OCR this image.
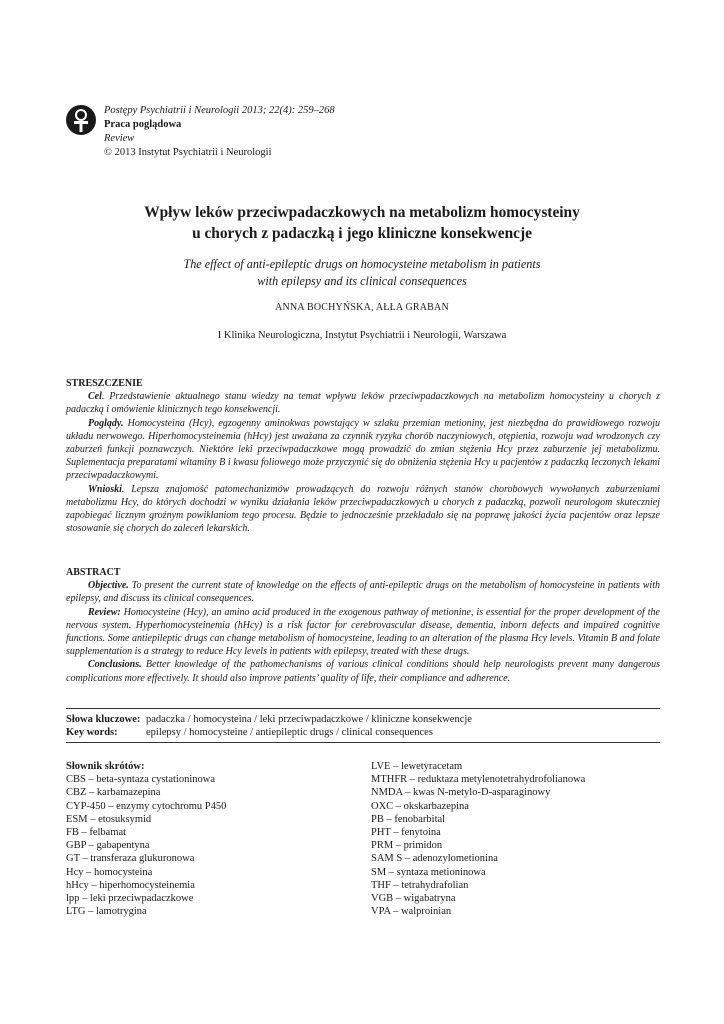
Postępy Psychiatrii i Neurologii 2013; 22(4): 259–268
Praca poglądowa
Review
© 2013 Instytut Psychiatrii i Neurologii
Wpływ leków przeciwpadaczkowych na metabolizm homocysteiny
u chorych z padaczką i jego kliniczne konsekwencje
The effect of anti-epileptic drugs on homocysteine metabolism in patients
with epilepsy and its clinical consequences
ANNA BOCHYŃSKA, AŁŁA GRABAN
I Klinika Neurologiczna, Instytut Psychiatrii i Neurologii, Warszawa
STRESZCZENIE

Cel. Przedstawienie aktualnego stanu wiedzy na temat wpływu leków przeciwpadaczkowych na metabolizm homocysteiny u chorych z padaczką i omówienie klinicznych tego konsekwencji.

Poglądy. Homocysteina (Hcy), egzogenny aminokwas powstający w szlaku przemian metioniny, jest niezbędna do prawidłowego rozwoju układu nerwowego. Hiperhomocysteinemia (hHcy) jest uważana za czynnik ryzyka chorób naczyniowych, otępienia, rozwoju wad wrodzonych czy zaburzeń funkcji poznawczych. Niektóre leki przeciwpadaczkowe mogą prowadzić do zmian stężenia Hcy przez zaburzenie jej metabolizmu. Suplementacja preparatami witaminy B i kwasu foliowego może przyczynić się do obniżenia stężenia Hcy u pacjentów z padaczką leczonych lekami przeciwpadaczkowymi.

Wnioski. Lepsza znajomość patomechanizmów prowadzących do rozwoju różnych stanów chorobowych wywołanych zaburzeniami metabolizmu Hcy, do których dochodzi w wyniku działania leków przeciwpadaczkowych u chorych z padaczką, pozwoli neurologom skuteczniej zapobiegać licznym groźnym powikłaniom tego procesu. Będzie to jednocześnie przekładało się na poprawę jakości życia pacjentów oraz lepsze stosowanie się chorych do zaleceń lekarskich.

ABSTRACT

Objective. To present the current state of knowledge on the effects of anti-epileptic drugs on the metabolism of homocysteine in patients with epilepsy, and discuss its clinical consequences.

Review: Homocysteine (Hcy), an amino acid produced in the exogenous pathway of metionine, is essential for the proper development of the nervous system. Hyperhomocysteinemia (hHcy) is a risk factor for cerebrovascular disease, dementia, inborn defects and impaired cognitive functions. Some antiepileptic drugs can change metabolism of homocysteine, leading to an alteration of the plasma Hcy levels. Vitamin B and folate supplementation is a strategy to reduce Hcy levels in patients with epilepsy, treated with these drugs.

Conclusions. Better knowledge of the pathomechanisms of various clinical conditions should help neurologists prevent many dangerous complications more effectively. It should also improve patients’ quality of life, their compliance and adherence.

Słowa kluczowe: padaczka / homocysteina / leki przeciwpadaczkowe / kliniczne konsekwencje
Key words:	epilepsy / homocysteine / antiepileptic drugs / clinical consequences
Słownik skrótów:
CBS – beta-syntaza cystationinowa
CBZ – karbamazepina
CYP-450 – enzymy cytochromu P450
ESM – etosuksymid
FB – felbamat
GBP – gabapentyna
GT – transferaza glukuronowa
Hcy – homocysteina
hHcy – hiperhomocysteinemia
lpp – leki przeciwpadaczkowe
LTG – lamotrygina
LVE – lewetyracetam
MTHFR – reduktaza metylenotetrahydrofolianowa
NMDA – kwas N-metylo-D-asparaginowy
OXC – okskarbazepina
PB – fenobarbital
PHT – fenytoina
PRM – primidon
SAM S – adenozylometionina
SM – syntaza metioninowa
THF – tetrahydrafolian
VGB – wigabatryna
VPA – walproinian
